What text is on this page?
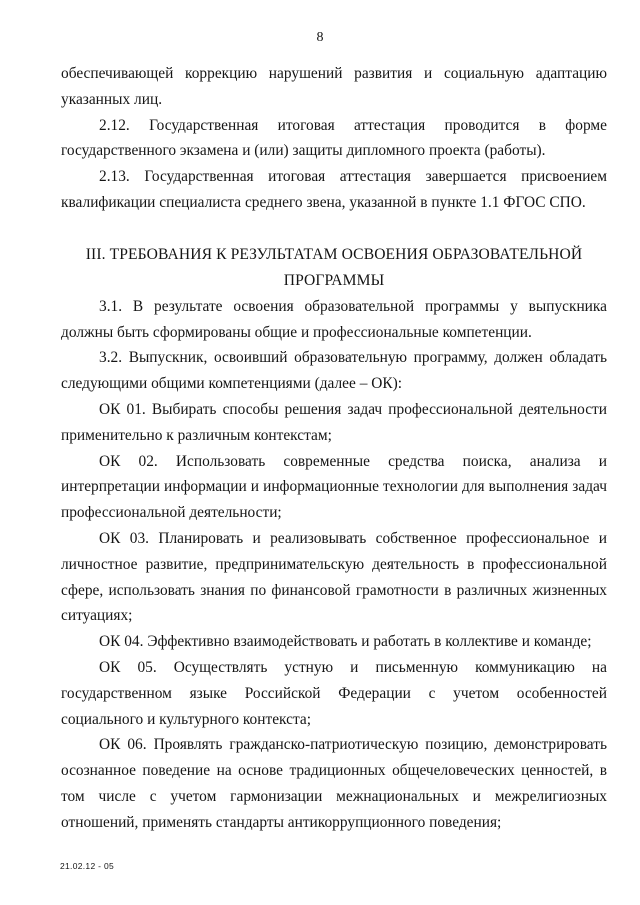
8

обеспечивающей коррекцию нарушений развития и социальную адаптацию указанных лиц.

2.12. Государственная итоговая аттестация проводится в форме государственного экзамена и (или) защиты дипломного проекта (работы).

2.13. Государственная итоговая аттестация завершается присвоением квалификации специалиста среднего звена, указанной в пункте 1.1 ФГОС СПО.

III. ТРЕБОВАНИЯ К РЕЗУЛЬТАТАМ ОСВОЕНИЯ ОБРАЗОВАТЕЛЬНОЙ

ПРОГРАММЫ

3.1. В результате освоения образовательной программы у выпускника должны быть сформированы общие и профессиональные компетенции.

3.2. Выпускник, освоивший образовательную программу, должен обладать следующими общими компетенциями (далее – ОК):

ОК 01. Выбирать способы решения задач профессиональной деятельности применительно к различным контекстам;

ОК 02. Использовать современные средства поиска, анализа и интерпретации информации и информационные технологии для выполнения задач профессиональной деятельности;

ОК 03. Планировать и реализовывать собственное профессиональное и личностное развитие, предпринимательскую деятельность в профессиональной сфере, использовать знания по финансовой грамотности в различных жизненных ситуациях;

ОК 04. Эффективно взаимодействовать и работать в коллективе и команде;

ОК 05. Осуществлять устную и письменную коммуникацию на государственном языке Российской Федерации с учетом особенностей социального и культурного контекста;

ОК 06. Проявлять гражданско-патриотическую позицию, демонстрировать осознанное поведение на основе традиционных общечеловеческих ценностей, в том числе с учетом гармонизации межнациональных и межрелигиозных отношений, применять стандарты антикоррупционного поведения;

21.02.12 - 05
